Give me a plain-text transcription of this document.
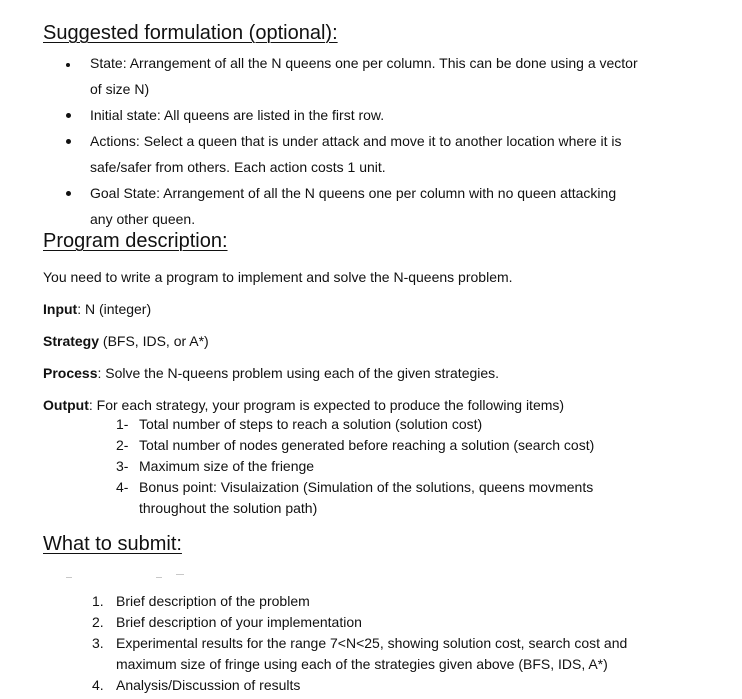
Suggested formulation (optional):
State: Arrangement of all the N queens one per column. This can be done using a vector
of size N)
Initial state: All queens are listed in the first row.
Actions: Select a queen that is under attack and move it to another location where it is
safe/safer from others. Each action costs 1 unit.
Goal State: Arrangement of all the N queens one per column with no queen attacking
any other queen.
Program description:
You need to write a program to implement and solve the N-queens problem.
Input: N (integer)
Strategy (BFS, IDS, or A*)
Process: Solve the N-queens problem using each of the given strategies.
Output: For each strategy, your program is expected to produce the following items)
1- Total number of steps to reach a solution (solution cost)
2- Total number of nodes generated before reaching a solution (search cost)
3- Maximum size of the frienge
4- Bonus point: Visulaization (Simulation of the solutions, queens movments
throughout the solution path)
What to submit:
1. Brief description of the problem
2. Brief description of your implementation
3. Experimental results for the range 7<N<25, showing solution cost, search cost and
maximum size of fringe using each of the strategies given above (BFS, IDS, A*)
4. Analysis/Discussion of results
